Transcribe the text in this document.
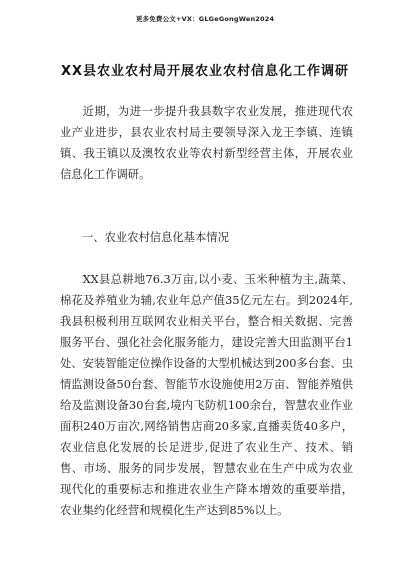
更多免费公文+VX：GLGeGongWen2024
XX县农业农村局开展农业农村信息化工作调研
近期，为进一步提升我县数字农业发展，推进现代农业产业进步，县农业农村局主要领导深入龙王李镇、连镇镇、我王镇以及澳牧农业等农村新型经营主体，开展农业信息化工作调研。
一、农业农村信息化基本情况
XX县总耕地76.3万亩,以小麦、玉米种植为主,蔬菜、棉花及养殖业为辅,农业年总产值35亿元左右。到2024年,我县积极利用互联网农业相关平台，整合相关数据、完善服务平台、强化社会化服务能力，建设完善大田监测平台1处、安装智能定位操作设备的大型机械达到200多台套、虫情监测设备50台套、智能节水设施使用2万亩、智能养殖供给及监测设备30台套,境内飞防机100余台，智慧农业作业面积240万亩次,网络销售店商20多家,直播卖货40多户，农业信息化发展的长足进步,促进了农业生产、技术、销售、市场、服务的同步发展，智慧农业在生产中成为农业现代化的重要标志和推进农业生产降本增效的重要举措，农业集约化经营和规模化生产达到85%以上。
